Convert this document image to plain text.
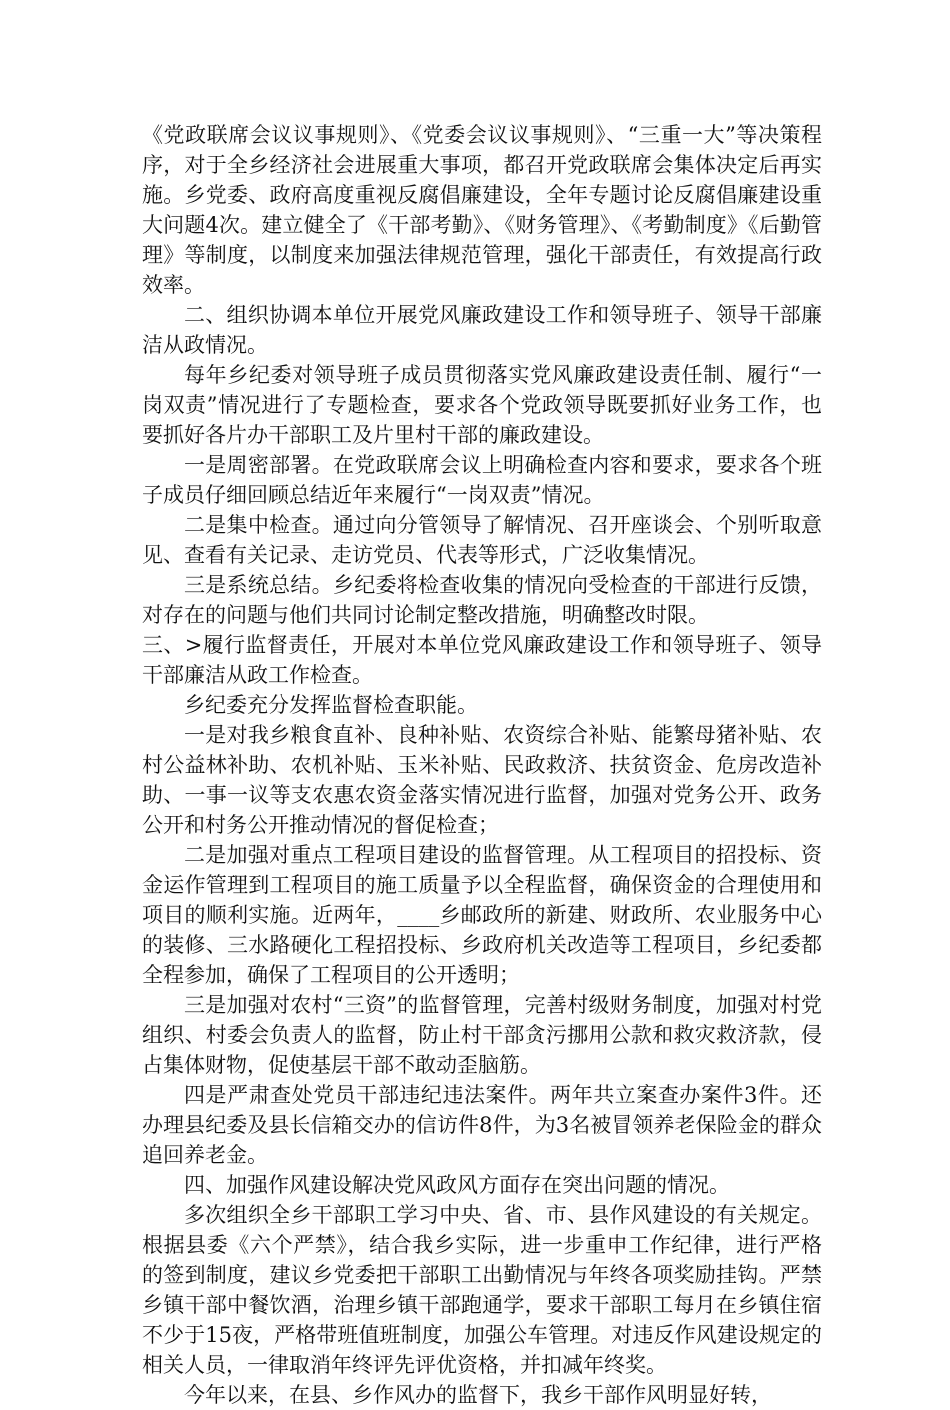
《党政联席会议议事规则》、《党委会议议事规则》、“三重一大”等决策程序，对于全乡经济社会进展重大事项，都召开党政联席会集体决定后再实施。乡党委、政府高度重视反腐倡廉建设，全年专题讨论反腐倡廉建设重大问题4次。建立健全了《干部考勤》、《财务管理》、《考勤制度》《后勤管理》等制度，以制度来加强法律规范管理，强化干部责任，有效提高行政效率。

二、组织协调本单位开展党风廉政建设工作和领导班子、领导干部廉洁从政情况。

每年乡纪委对领导班子成员贯彻落实党风廉政建设责任制、履行“一岗双责”情况进行了专题检查，要求各个党政领导既要抓好业务工作，也要抓好各片办干部职工及片里村干部的廉政建设。

一是周密部署。在党政联席会议上明确检查内容和要求，要求各个班子成员仔细回顾总结近年来履行“一岗双责”情况。

二是集中检查。通过向分管领导了解情况、召开座谈会、个别听取意见、查看有关记录、走访党员、代表等形式，广泛收集情况。

三是系统总结。乡纪委将检查收集的情况向受检查的干部进行反馈，对存在的问题与他们共同讨论制定整改措施，明确整改时限。

三、>履行监督责任，开展对本单位党风廉政建设工作和领导班子、领导干部廉洁从政工作检查。

乡纪委充分发挥监督检查职能。

一是对我乡粮食直补、良种补贴、农资综合补贴、能繁母猪补贴、农村公益林补助、农机补贴、玉米补贴、民政救济、扶贫资金、危房改造补助、一事一议等支农惠农资金落实情况进行监督，加强对党务公开、政务公开和村务公开推动情况的督促检查；

二是加强对重点工程项目建设的监督管理。从工程项目的招投标、资金运作管理到工程项目的施工质量予以全程监督，确保资金的合理使用和项目的顺利实施。近两年，____乡邮政所的新建、财政所、农业服务中心的装修、三水路硬化工程招投标、乡政府机关改造等工程项目，乡纪委都全程参加，确保了工程项目的公开透明；

三是加强对农村“三资”的监督管理，完善村级财务制度，加强对村党组织、村委会负责人的监督，防止村干部贪污挪用公款和救灾救济款，侵占集体财物，促使基层干部不敢动歪脑筋。

四是严肃查处党员干部违纪违法案件。两年共立案查办案件3件。还办理县纪委及县长信箱交办的信访件8件，为3名被冒领养老保险金的群众追回养老金。

四、加强作风建设解决党风政风方面存在突出问题的情况。

多次组织全乡干部职工学习中央、省、市、县作风建设的有关规定。根据县委《六个严禁》，结合我乡实际，进一步重申工作纪律，进行严格的签到制度，建议乡党委把干部职工出勤情况与年终各项奖励挂钩。严禁乡镇干部中餐饮酒，治理乡镇干部跑通学，要求干部职工每月在乡镇住宿不少于15夜，严格带班值班制度，加强公车管理。对违反作风建设规定的相关人员，一律取消年终评先评优资格，并扣减年终奖。

今年以来，在县、乡作风办的监督下，我乡干部作风明显好转，
